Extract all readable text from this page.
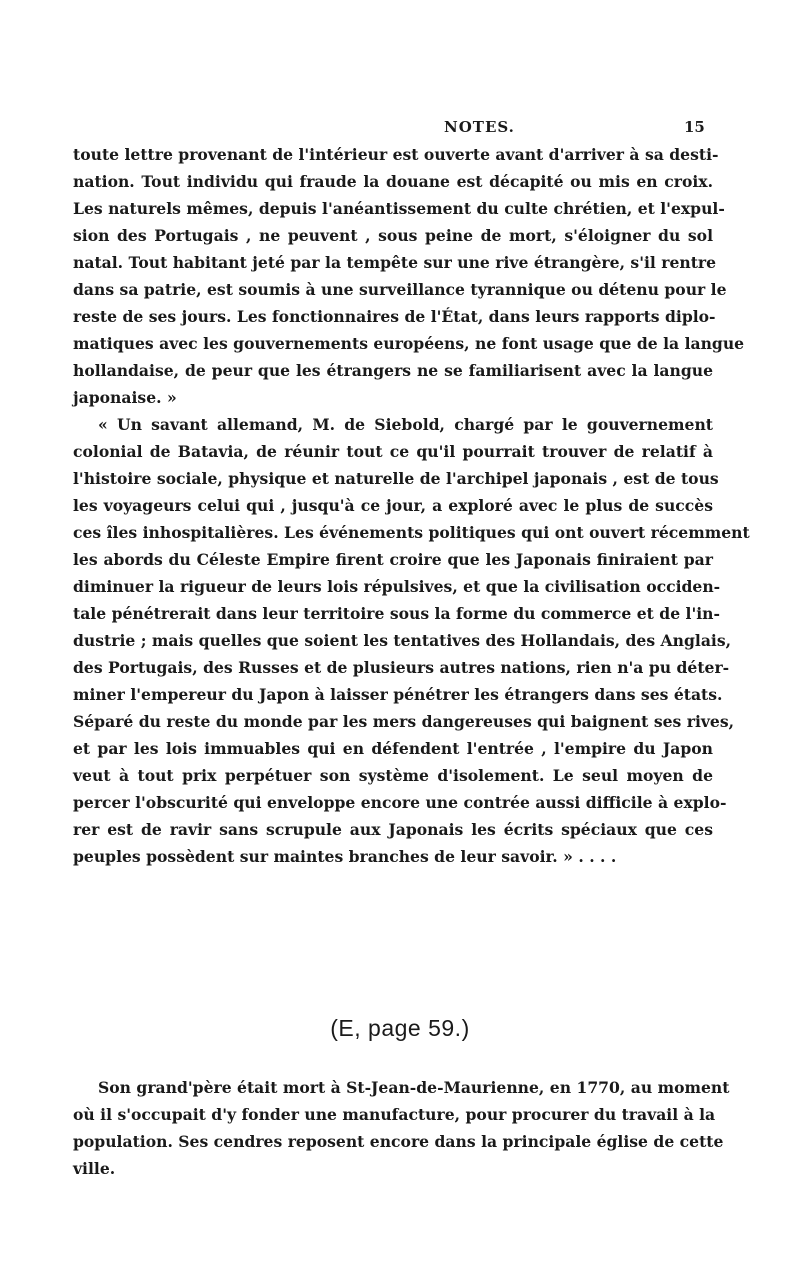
NOTES.	15
toute lettre provenant de l'intérieur est ouverte avant d'arriver à sa desti-
nation. Tout individu qui fraude la douane est décapité ou mis en croix.
Les naturels mêmes, depuis l'anéantissement du culte chrétien, et l'expul-
sion des Portugais , ne peuvent , sous peine de mort, s'éloigner du sol
natal. Tout habitant jeté par la tempête sur une rive étrangère, s'il rentre
dans sa patrie, est soumis à une surveillance tyrannique ou détenu pour le
reste de ses jours. Les fonctionnaires de l'État, dans leurs rapports diplo-
matiques avec les gouvernements européens, ne font usage que de la langue
hollandaise, de peur que les étrangers ne se familiarisent avec la langue
japonaise. »
« Un savant allemand, M. de Siebold, chargé par le gouvernement
colonial de Batavia, de réunir tout ce qu'il pourrait trouver de relatif à
l'histoire sociale, physique et naturelle de l'archipel japonais , est de tous
les voyageurs celui qui , jusqu'à ce jour, a exploré avec le plus de succès
ces îles inhospitalières. Les événements politiques qui ont ouvert récemment
les abords du Céleste Empire firent croire que les Japonais finiraient par
diminuer la rigueur de leurs lois répulsives, et que la civilisation occiden-
tale pénétrerait dans leur territoire sous la forme du commerce et de l'in-
dustrie ; mais quelles que soient les tentatives des Hollandais, des Anglais,
des Portugais, des Russes et de plusieurs autres nations, rien n'a pu déter-
miner l'empereur du Japon à laisser pénétrer les étrangers dans ses états.
Séparé du reste du monde par les mers dangereuses qui baignent ses rives,
et par les lois immuables qui en défendent l'entrée , l'empire du Japon
veut à tout prix perpétuer son système d'isolement. Le seul moyen de
percer l'obscurité qui enveloppe encore une contrée aussi difficile à explo-
rer est de ravir sans scrupule aux Japonais les écrits spéciaux que ces
peuples possèdent sur maintes branches de leur savoir. » . . . .
(E, page 59.)
Son grand'père était mort à St-Jean-de-Maurienne, en 1770, au moment
où il s'occupait d'y fonder une manufacture, pour procurer du travail à la
population. Ses cendres reposent encore dans la principale église de cette
ville.
